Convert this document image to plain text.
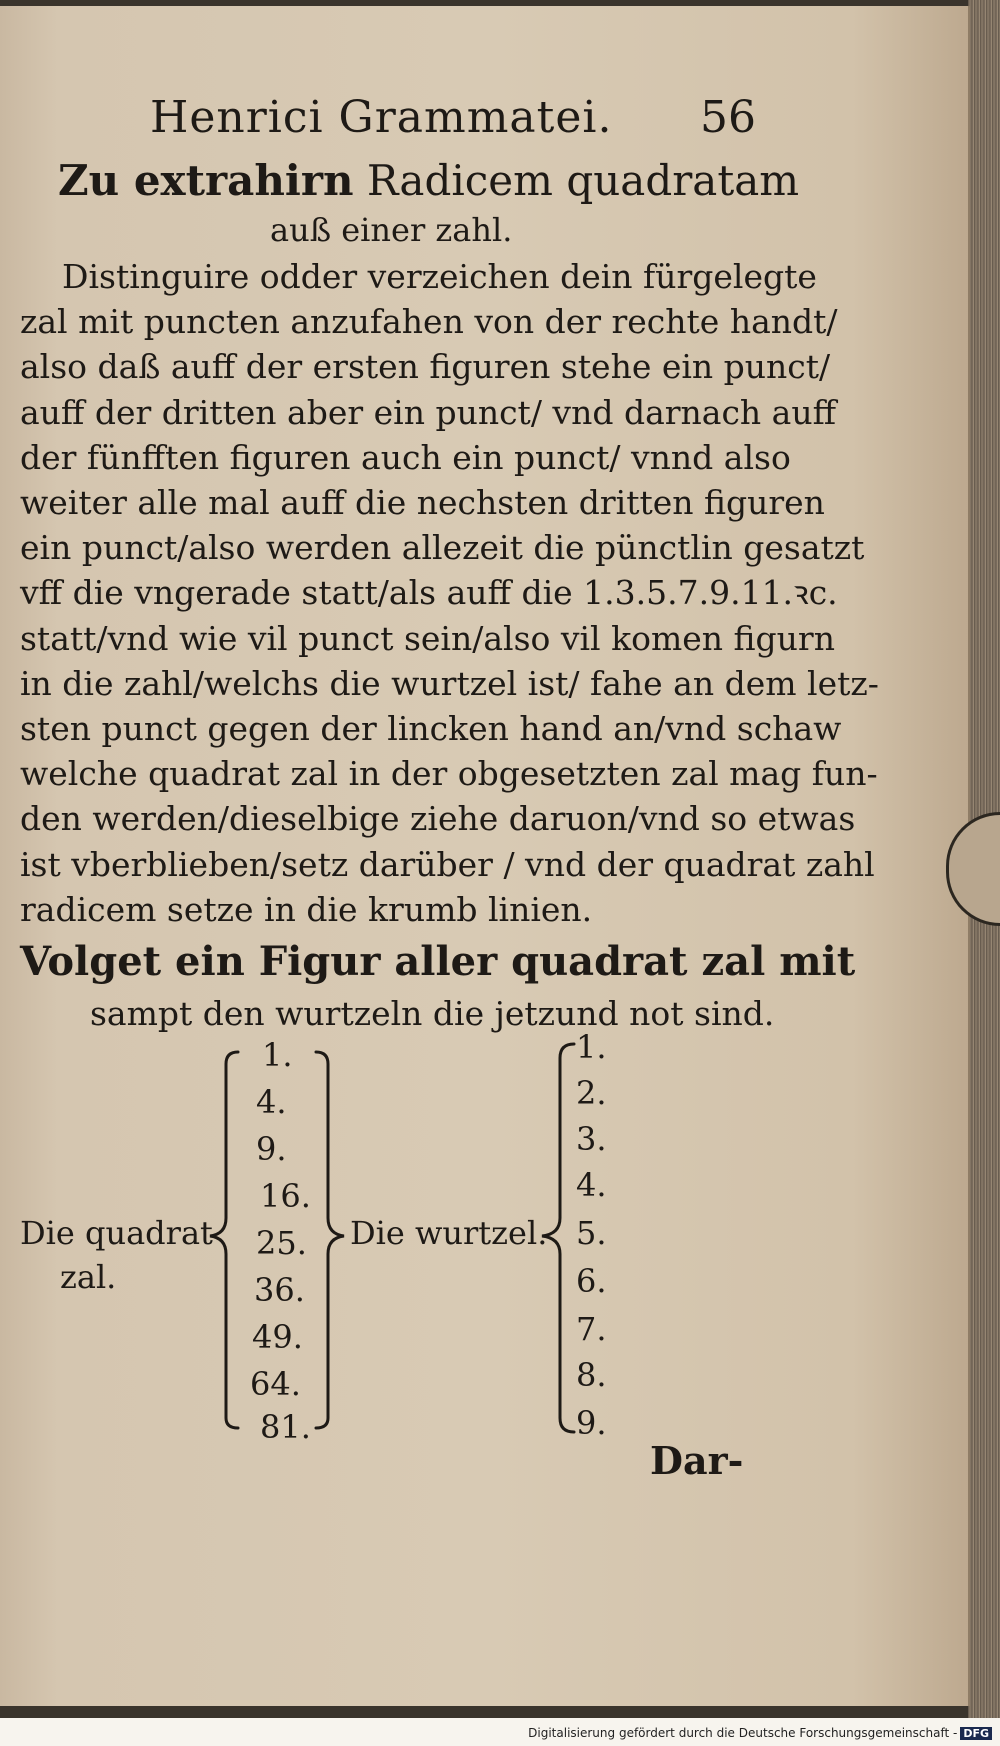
Henrici Grammatei. 56
Zu extrahirn Radicem quadratam
auß einer zahl.
Distinguire odder verzeichen dein fürgelegte
zal mit puncten anzufahen von der rechte handt/
also daß auff der ersten figuren stehe ein punct/
auff der dritten aber ein punct/ vnd darnach auff
der fünfften figuren auch ein punct/ vnnd also
weiter alle mal auff die nechsten dritten figuren
ein punct/also werden allezeit die pünctlin gesatzt
vff die vngerade statt/als auff die 1.3.5.7.9.11.ꝛc.
statt/vnd wie vil punct sein/also vil komen figurn
in die zahl/welchs die wurtzel ist/ fahe an dem letz-
sten punct gegen der lincken hand an/vnd schaw
welche quadrat zal in der obgesetzten zal mag fun-
den werden/dieselbige ziehe daruon/vnd so etwas
ist vberblieben/setz darüber / vnd der quadrat zahl
radicem setze in die krumb linien.
Volget ein Figur aller quadrat zal mit
sampt den wurtzeln die jetzund not sind.
Die quadrat
zal.
Die wurtzel.
1.
4.
9.
16.
25.
36.
49.
64.
81.
1.
2.
3.
4.
5.
6.
7.
8.
9.
Dar-
Digitalisierung gefördert durch die Deutsche Forschungsgemeinschaft - DFG
